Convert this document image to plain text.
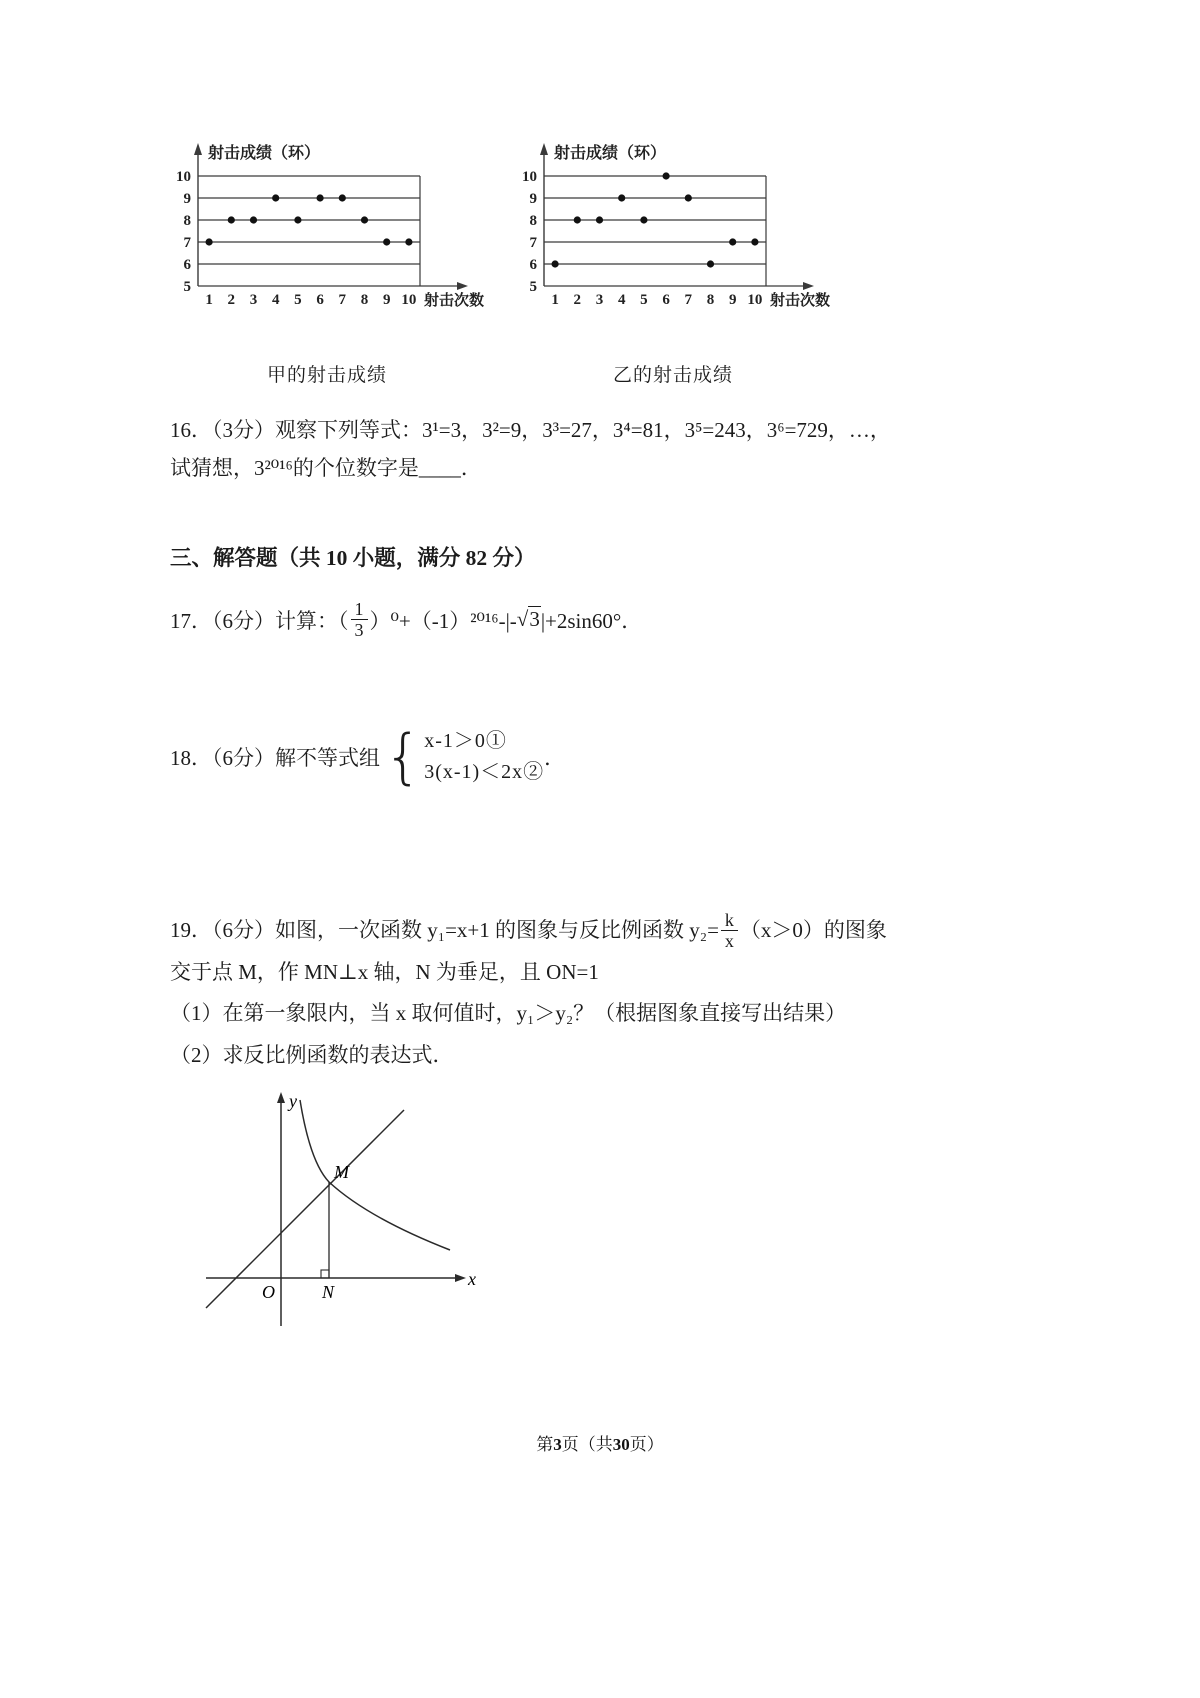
射击成绩（环）
5
6
7
8
9
10
1 2 3 4 5 6 7 8 9 10 射击次数
甲的射击成绩
射击成绩（环）
5
6
7
8
9
10
1 2 3 4 5 6 7 8 9 10 射击次数
乙的射击成绩
16．（3分）观察下列等式：3¹=3，3²=9，3³=27，3⁴=81，3⁵=243，3⁶=729，…，
试猜想，3²⁰¹⁶的个位数字是____．
三、解答题（共 10 小题，满分 82 分）
17．（6分）计算：（ $\frac{1}{3} )^0+(-1)^{2016}-|-$ √3 |+2sin60°．
18．（6分）解不等式组 { x-1＞0①
3(x-1)＜2x②
．
19．（6分）如图，一次函数 y₁=x+1 的图象与反比例函数 $y_2= \frac{k}{x} (x>0)$的图象
交于点 M，作 MN⊥x 轴，N 为垂足，且 ON=1
（1）在第一象限内，当 x 取何值时，y₁＞y₂？（根据图象直接写出结果）
（2）求反比例函数的表达式．
y
x
O	N
M
第3页（共30页）
